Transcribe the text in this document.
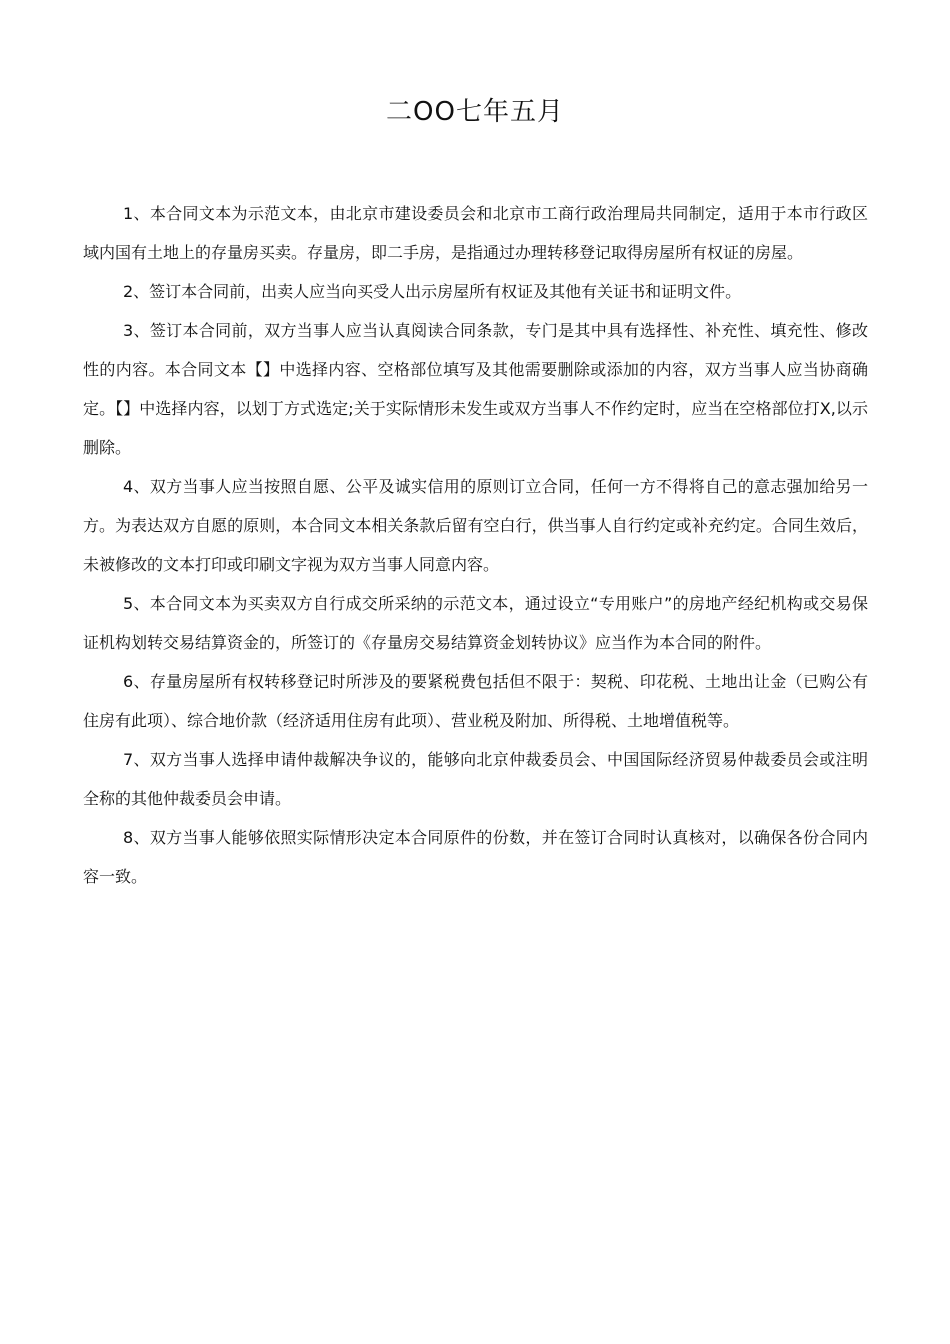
二OO七年五月

1、本合同文本为示范文本，由北京市建设委员会和北京市工商行政治理局共同制定，适用于本市行政区域内国有土地上的存量房买卖。存量房，即二手房，是指通过办理转移登记取得房屋所有权证的房屋。

2、签订本合同前，出卖人应当向买受人出示房屋所有权证及其他有关证书和证明文件。

3、签订本合同前，双方当事人应当认真阅读合同条款，专门是其中具有选择性、补充性、填充性、修改性的内容。本合同文本【】中选择内容、空格部位填写及其他需要删除或添加的内容，双方当事人应当协商确定。【】中选择内容，以划丁方式选定;关于实际情形未发生或双方当事人不作约定时，应当在空格部位打X,以示删除。

4、双方当事人应当按照自愿、公平及诚实信用的原则订立合同，任何一方不得将自己的意志强加给另一方。为表达双方自愿的原则，本合同文本相关条款后留有空白行，供当事人自行约定或补充约定。合同生效后，未被修改的文本打印或印刷文字视为双方当事人同意内容。

5、本合同文本为买卖双方自行成交所采纳的示范文本，通过设立“专用账户”的房地产经纪机构或交易保证机构划转交易结算资金的，所签订的《存量房交易结算资金划转协议》应当作为本合同的附件。

6、存量房屋所有权转移登记时所涉及的要紧税费包括但不限于：契税、印花税、土地出让金（已购公有住房有此项）、综合地价款（经济适用住房有此项）、营业税及附加、所得税、土地增值税等。

7、双方当事人选择申请仲裁解决争议的，能够向北京仲裁委员会、中国国际经济贸易仲裁委员会或注明全称的其他仲裁委员会申请。

8、双方当事人能够依照实际情形决定本合同原件的份数，并在签订合同时认真核对，以确保各份合同内容一致。
